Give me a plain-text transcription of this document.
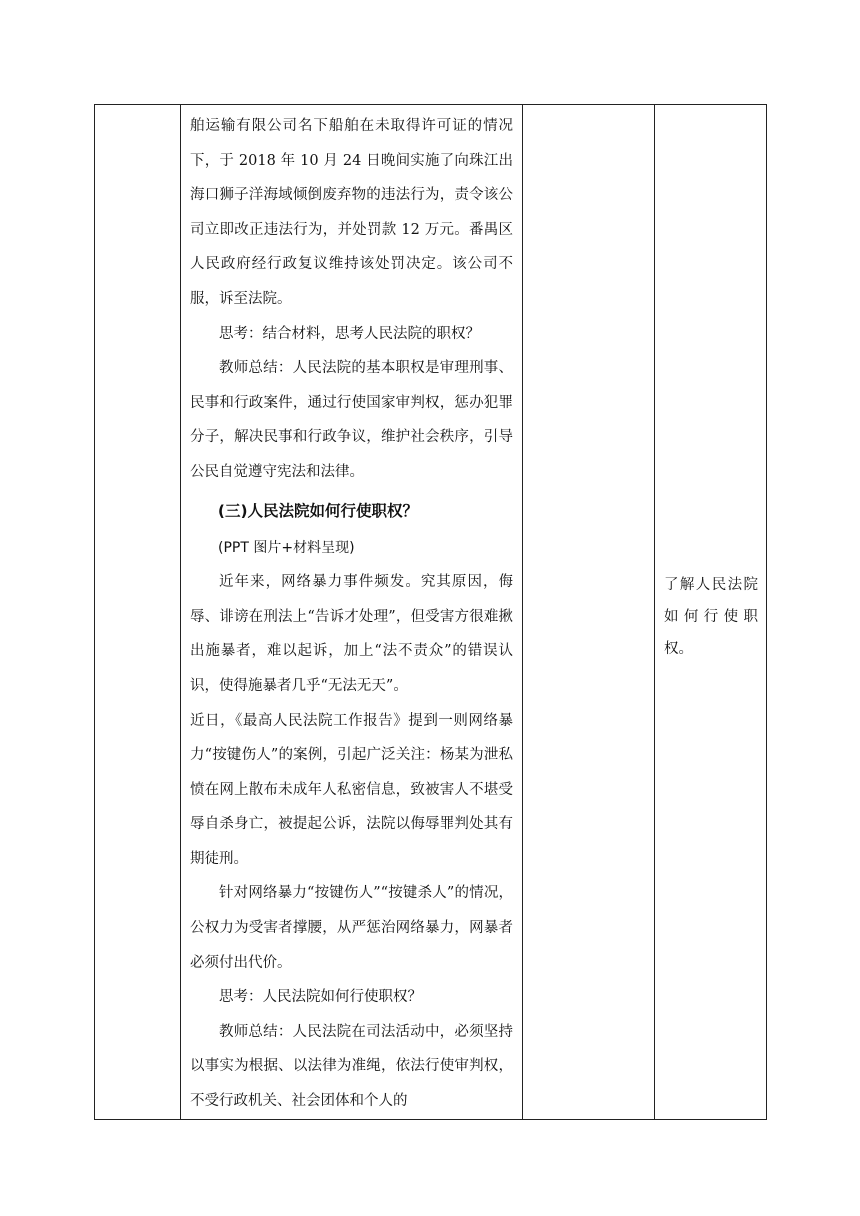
舶运输有限公司名下船舶在未取得许可证的情况下，于 2018 年 10 月 24 日晚间实施了向珠江出海口狮子洋海域倾倒废弃物的违法行为，责令该公司立即改正违法行为，并处罚款 12 万元。番禺区人民政府经行政复议维持该处罚决定。该公司不服，诉至法院。

思考：结合材料，思考人民法院的职权？

教师总结：人民法院的基本职权是审理刑事、民事和行政案件，通过行使国家审判权，惩办犯罪分子，解决民事和行政争议，维护社会秩序，引导公民自觉遵守宪法和法律。

(三)人民法院如何行使职权？

(PPT 图片+材料呈现)

近年来，网络暴力事件频发。究其原因，侮辱、诽谤在刑法上“告诉才处理”，但受害方很难揪出施暴者，难以起诉，加上“法不责众”的错误认识，使得施暴者几乎“无法无天”。

近日，《最高人民法院工作报告》提到一则网络暴力“按键伤人”的案例，引起广泛关注：杨某为泄私愤在网上散布未成年人私密信息，致被害人不堪受辱自杀身亡，被提起公诉，法院以侮辱罪判处其有期徒刑。

针对网络暴力“按键伤人”“按键杀人”的情况，公权力为受害者撑腰，从严惩治网络暴力，网暴者必须付出代价。

思考：人民法院如何行使职权？

教师总结：人民法院在司法活动中，必须坚持以事实为根据、以法律为准绳，依法行使审判权，不受行政机关、社会团体和个人的

了解人民法院如何行使职权。
